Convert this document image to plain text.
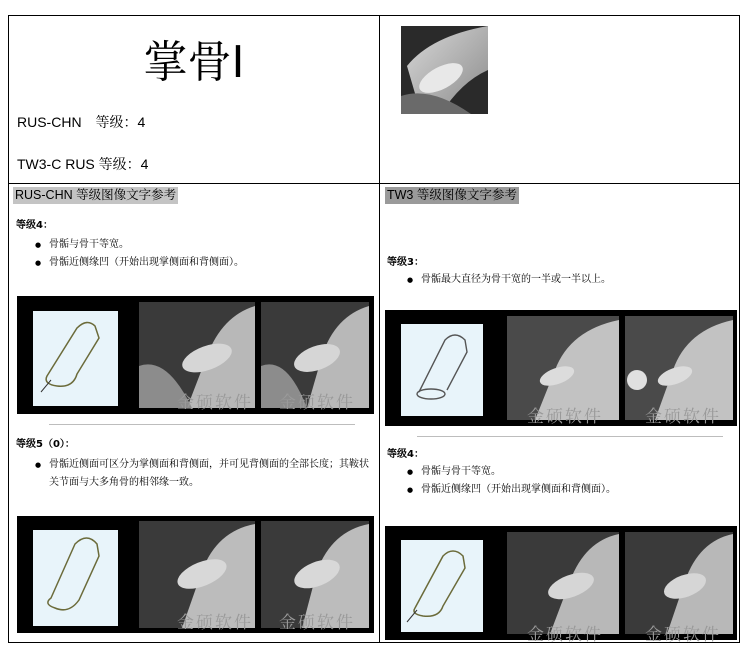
掌骨Ⅰ
RUS-CHN　等级：4
TW3-C RUS 等级：4
RUS-CHN 等级图像文字参考
等级4：
● 骨骺与骨干等宽。
● 骨骺近侧缘凹（开始出现掌侧面和背侧面）。
金硕软件 金硕软件
等级5（0）：
● 骨骺近侧面可区分为掌侧面和背侧面，并可见背侧面的全部长度；其鞍状关节面与大多角骨的相邻缘一致。
金硕软件 金硕软件
TW3 等级图像文字参考
等级3：
● 骨骺最大直径为骨干宽的一半或一半以上。
金硕软件 金硕软件
等级4：
● 骨骺与骨干等宽。
● 骨骺近侧缘凹（开始出现掌侧面和背侧面）。
金硕软件 金硕软件
